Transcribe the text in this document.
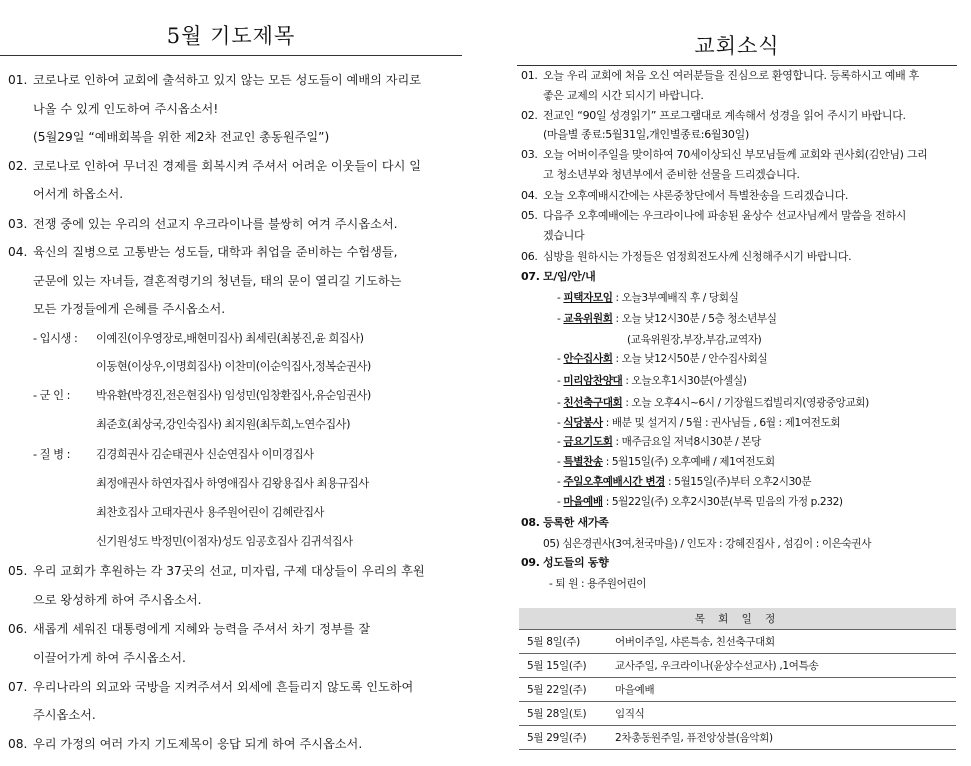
5월 기도제목
01. 코로나로 인하여 교회에 출석하고 있지 않는 모든 성도들이 예배의 자리로
나올 수 있게 인도하여 주시옵소서!
(5월29일 “예배회복을 위한 제2차 전교인 총동원주일”)
02. 코로나로 인하여 무너진 경제를 회복시켜 주셔서 어려운 이웃들이 다시 일
어서게 하옵소서.
03. 전쟁 중에 있는 우리의 선교지 우크라이나를 불쌍히 여겨 주시옵소서.
04. 육신의 질병으로 고통받는 성도들, 대학과 취업을 준비하는 수험생들,
군문에 있는 자녀들, 결혼적령기의 청년들, 태의 문이 열리길 기도하는
모든 가정들에게 은혜를 주시옵소서.
- 입시생 : 이예진(이우영장로,배현미집사) 최세린(최봉진,윤 희집사)
이동현(이상우,이명희집사) 이찬미(이순익집사,정복순권사)
- 군 인 : 박유환(박경진,전은현집사) 임성민(임창환집사,유순임권사)
최준호(최상국,강인숙집사) 최지원(최두희,노연수집사)
- 질 병 : 김경희권사 김순태권사 신순연집사 이미경집사
최정애권사 하연자집사 하영애집사 김왕용집사 최용규집사
최찬호집사 고태자권사 용주원어린이 김혜란집사
신기원성도 박정민(이점자)성도 임공호집사 김귀석집사
05. 우리 교회가 후원하는 각 37곳의 선교, 미자립, 구제 대상들이 우리의 후원
으로 왕성하게 하여 주시옵소서.
06. 새롭게 세워진 대통령에게 지혜와 능력을 주셔서 차기 정부를 잘
이끌어가게 하여 주시옵소서.
07. 우리나라의 외교와 국방을 지켜주셔서 외세에 흔들리지 않도록 인도하여
주시옵소서.
08. 우리 가정의 여러 가지 기도제목이 응답 되게 하여 주시옵소서.
교회소식
01. 오늘 우리 교회에 처음 오신 여러분들을 진심으로 환영합니다. 등록하시고 예배 후
좋은 교제의 시간 되시기 바랍니다.
02. 전교인 “90일 성경읽기” 프로그램대로 계속해서 성경을 읽어 주시기 바랍니다.
(마을별 종료:5월31일,개인별종료:6월30일)
03. 오늘 어버이주일을 맞이하여 70세이상되신 부모님들께 교회와 권사회(김안님) 그리
고 청소년부와 청년부에서 준비한 선물을 드리겠습니다.
04. 오늘 오후예배시간에는 샤론중창단에서 특별찬송을 드리겠습니다.
05. 다음주 오후예배에는 우크라이나에 파송된 윤상수 선교사님께서 말씀을 전하시
겠습니다
06. 심방을 원하시는 가정들은 엄정희전도사께 신청해주시기 바랍니다.
07. 모/임/안/내
- 피택자모임 : 오늘3부예배직 후 / 당회실
- 교육위원회 : 오늘 낮12시30분 / 5층 청소년부실
(교육위원장,부장,부감,교역자)
- 안수집사회 : 오늘 낮12시50분 / 안수집사회실
- 미리암찬양대 : 오늘오후1시30분(아셀실)
- 친선축구대회 : 오늘 오후4시~6시 / 기장월드컵빌리지(영광중앙교회)
- 식당봉사 : 배분 및 설거지 / 5월 : 권사님들 , 6월 : 제1여전도회
- 금요기도회 : 매주금요일 저녁8시30분 / 본당
- 특별찬송 : 5월15일(주) 오후예배 / 제1여전도회
- 주일오후예배시간 변경 : 5월15일(주)부터 오후2시30분
- 마을예배 : 5월22일(주) 오후2시30분(부록 믿음의 가정 p.232)
08. 등록한 새가족
05) 심은경권사(3여,천국마을) / 인도자 : 강혜진집사 , 섬김이 : 이은숙권사
09. 성도들의 동향
- 퇴 원 : 용주원어린이
목 회 일 정	
5월 8일(주)	어버이주일, 샤론특송, 친선축구대회
5월 15일(주)	교사주일, 우크라이나(윤상수선교사) ,1여특송
5월 22일(주)	마을예배
5월 28일(토)	임직식
5월 29일(주)	2차총동원주일, 퓨전앙상블(음악회)
